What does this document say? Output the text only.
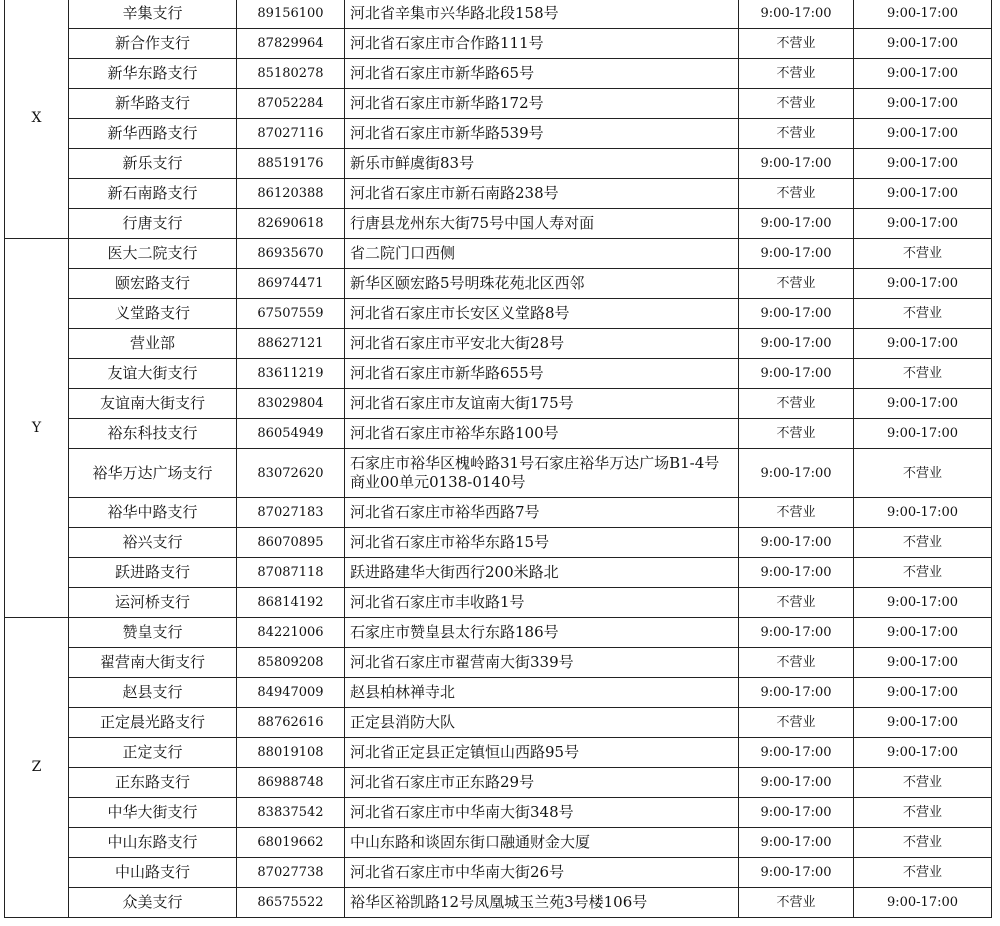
X	辛集支行	89156100	河北省辛集市兴华路北段158号	9:00-17:00	9:00-17:00
	新合作支行	87829964	河北省石家庄市合作路111号	不营业	9:00-17:00
	新华东路支行	85180278	河北省石家庄市新华路65号	不营业	9:00-17:00
	新华路支行	87052284	河北省石家庄市新华路172号	不营业	9:00-17:00
	新华西路支行	87027116	河北省石家庄市新华路539号	不营业	9:00-17:00
	新乐支行	88519176	新乐市鲜虞街83号	9:00-17:00	9:00-17:00
	新石南路支行	86120388	河北省石家庄市新石南路238号	不营业	9:00-17:00
	行唐支行	82690618	行唐县龙州东大街75号中国人寿对面	9:00-17:00	9:00-17:00
Y	医大二院支行	86935670	省二院门口西侧	9:00-17:00	不营业
	颐宏路支行	86974471	新华区颐宏路5号明珠花苑北区西邻	不营业	9:00-17:00
	义堂路支行	67507559	河北省石家庄市长安区义堂路8号	9:00-17:00	不营业
	营业部	88627121	河北省石家庄市平安北大街28号	9:00-17:00	9:00-17:00
	友谊大街支行	83611219	河北省石家庄市新华路655号	9:00-17:00	不营业
	友谊南大街支行	83029804	河北省石家庄市友谊南大街175号	不营业	9:00-17:00
	裕东科技支行	86054949	河北省石家庄市裕华东路100号	不营业	9:00-17:00
	裕华万达广场支行	83072620	石家庄市裕华区槐岭路31号石家庄裕华万达广场B1-4号商业00单元0138-0140号	9:00-17:00	不营业
	裕华中路支行	87027183	河北省石家庄市裕华西路7号	不营业	9:00-17:00
	裕兴支行	86070895	河北省石家庄市裕华东路15号	9:00-17:00	不营业
	跃进路支行	87087118	跃进路建华大街西行200米路北	9:00-17:00	不营业
	运河桥支行	86814192	河北省石家庄市丰收路1号	不营业	9:00-17:00
Z	赞皇支行	84221006	石家庄市赞皇县太行东路186号	9:00-17:00	9:00-17:00
	翟营南大街支行	85809208	河北省石家庄市翟营南大街339号	不营业	9:00-17:00
	赵县支行	84947009	赵县柏林禅寺北	9:00-17:00	9:00-17:00
	正定晨光路支行	88762616	正定县消防大队	不营业	9:00-17:00
	正定支行	88019108	河北省正定县正定镇恒山西路95号	9:00-17:00	9:00-17:00
	正东路支行	86988748	河北省石家庄市正东路29号	9:00-17:00	不营业
	中华大街支行	83837542	河北省石家庄市中华南大街348号	9:00-17:00	不营业
	中山东路支行	68019662	中山东路和谈固东街口融通财金大厦	9:00-17:00	不营业
	中山路支行	87027738	河北省石家庄市中华南大街26号	9:00-17:00	不营业
	众美支行	86575522	裕华区裕凯路12号凤凰城玉兰苑3号楼106号	不营业	9:00-17:00
